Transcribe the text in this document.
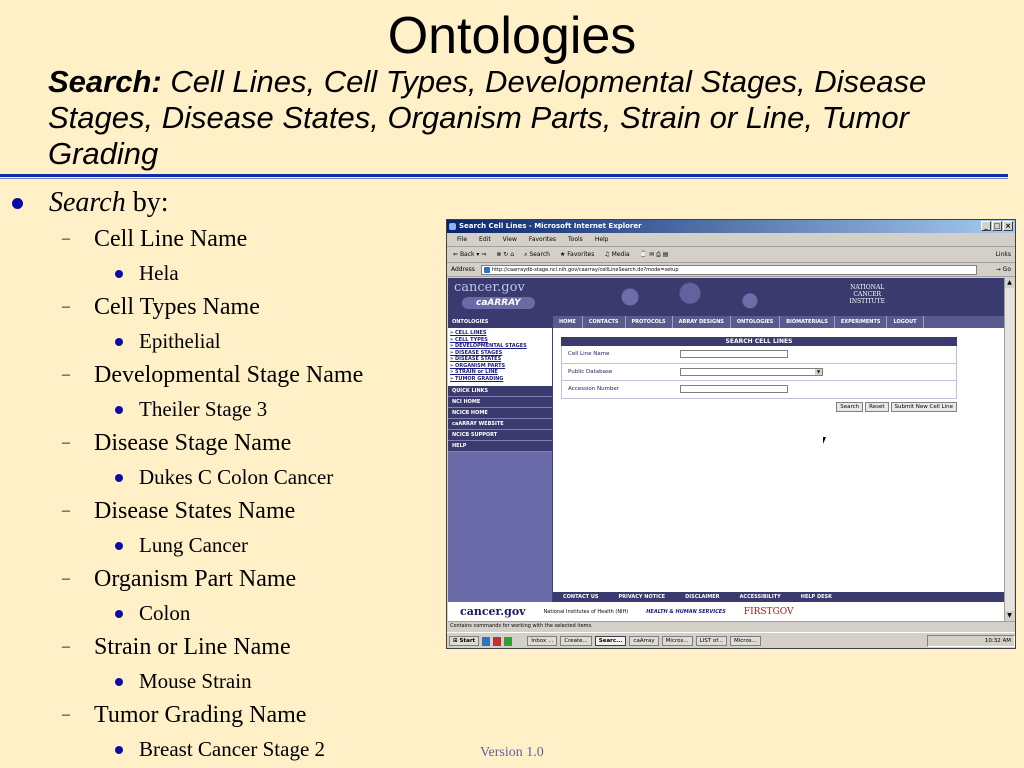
Ontologies
Search: Cell Lines, Cell Types, Developmental Stages, Disease Stages, Disease States, Organism Parts, Strain or Line, Tumor Grading
Search by:
– Cell Line Name
Hela
– Cell Types Name
Epithelial
– Developmental Stage Name
Theiler Stage 3
– Disease Stage Name
Dukes C Colon Cancer
– Disease States Name
Lung Cancer
– Organism Part Name
Colon
– Strain or Line Name
Mouse Strain
– Tumor Grading Name
Breast Cancer Stage 2	Version 1.0
Search Cell Lines - Microsoft Internet Explorer	_ □ ×
File Edit View Favorites Tools Help
⇐ Back ▾ ⇒ ⊗ ↻ ⌂ ⌕ Search ★ Favorites ♫ Media ⌚ ✉ ⎙ ▤	Links
Address	http://caarraydb-stage.nci.nih.gov/caarray/cellLineSearch.do?mode=setup	→ Go
cancer.gov
caARRAY
NATIONAL
CANCER
INSTITUTE
ONTOLOGIES	HOME	CONTACTS	PROTOCOLS	ARRAY DESIGNS	ONTOLOGIES	BIOMATERIALS	EXPERIMENTS	LOGOUT
» CELL LINES
» CELL TYPES
» DEVELOPMENTAL STAGES
» DISEASE STAGES
» DISEASE STATES
» ORGANISM PARTS
» STRAIN or LINE
» TUMOR GRADING
QUICK LINKS
NCI HOME
NCICB HOME
caARRAY WEBSITE
NCICB SUPPORT
HELP
SEARCH CELL LINES
Cell Line Name
Public Database	▼
Accession Number
Search	Reset	Submit New Cell Line
CONTACT US	PRIVACY NOTICE	DISCLAIMER	ACCESSIBILITY	HELP DESK
cancer.gov	National Institutes of Health (NIH)	HEALTH & HUMAN SERVICES FIRSTGOV
▲
▼
Contains commands for working with the selected items.
⊞ Start	Inbox ...	Create...	Searc...	caArray	Micros...	LIST of...	Micros...	10:32 AM
